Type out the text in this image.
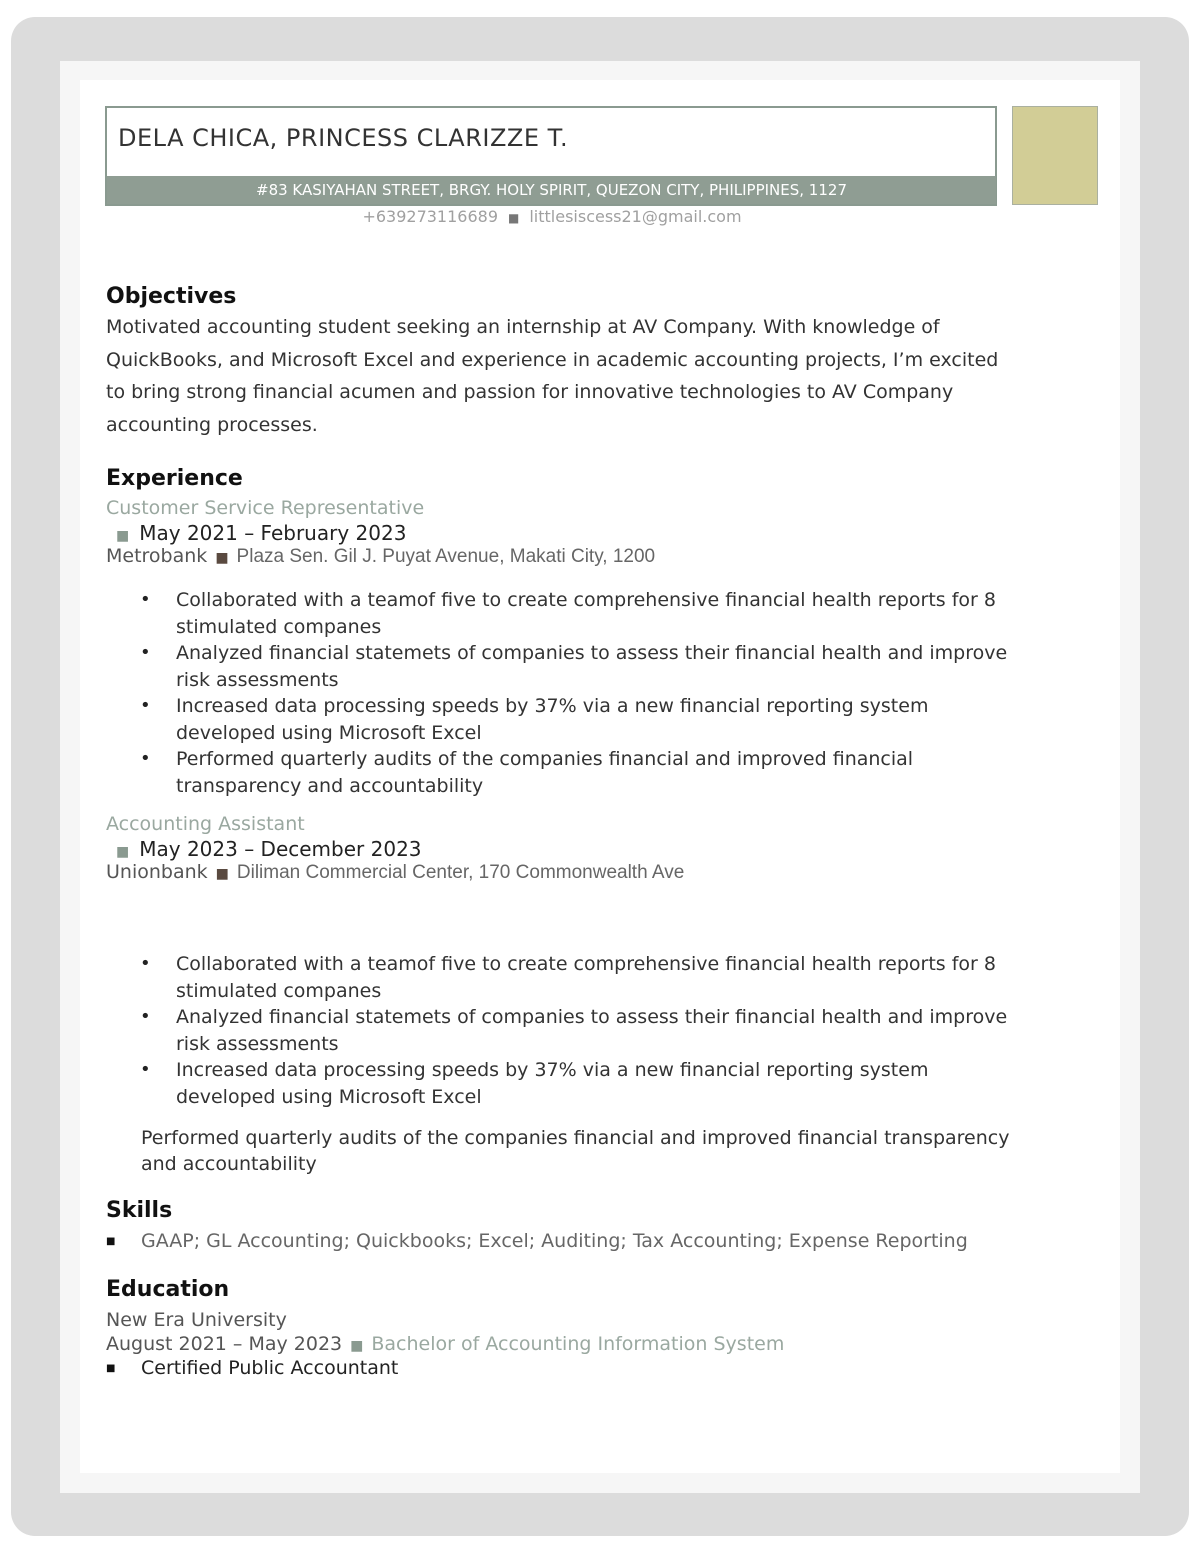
DELA CHICA, PRINCESS CLARIZZE T.
#83 KASIYAHAN STREET, BRGY. HOLY SPIRIT, QUEZON CITY, PHILIPPINES, 1127
+639273116689 ■ littlesiscess21@gmail.com
Objectives
Motivated accounting student seeking an internship at AV Company. With knowledge of
QuickBooks, and Microsoft Excel and experience in academic accounting projects, I’m excited
to bring strong financial acumen and passion for innovative technologies to AV Company
accounting processes.
Experience
Customer Service Representative
■ May 2021 – February 2023
Metrobank ■ Plaza Sen. Gil J. Puyat Avenue, Makati City, 1200
• Collaborated with a teamof five to create comprehensive financial health reports for 8
stimulated companes
• Analyzed financial statemets of companies to assess their financial health and improve
risk assessments
• Increased data processing speeds by 37% via a new financial reporting system
developed using Microsoft Excel
• Performed quarterly audits of the companies financial and improved financial
transparency and accountability
Accounting Assistant
■ May 2023 – December 2023
Unionbank ■ Diliman Commercial Center, 170 Commonwealth Ave
• Collaborated with a teamof five to create comprehensive financial health reports for 8
stimulated companes
• Analyzed financial statemets of companies to assess their financial health and improve
risk assessments
• Increased data processing speeds by 37% via a new financial reporting system
developed using Microsoft Excel
Performed quarterly audits of the companies financial and improved financial transparency
and accountability
Skills
■ GAAP; GL Accounting; Quickbooks; Excel; Auditing; Tax Accounting; Expense Reporting
Education
New Era University
August 2021 – May 2023 ■ Bachelor of Accounting Information System
■ Certified Public Accountant
